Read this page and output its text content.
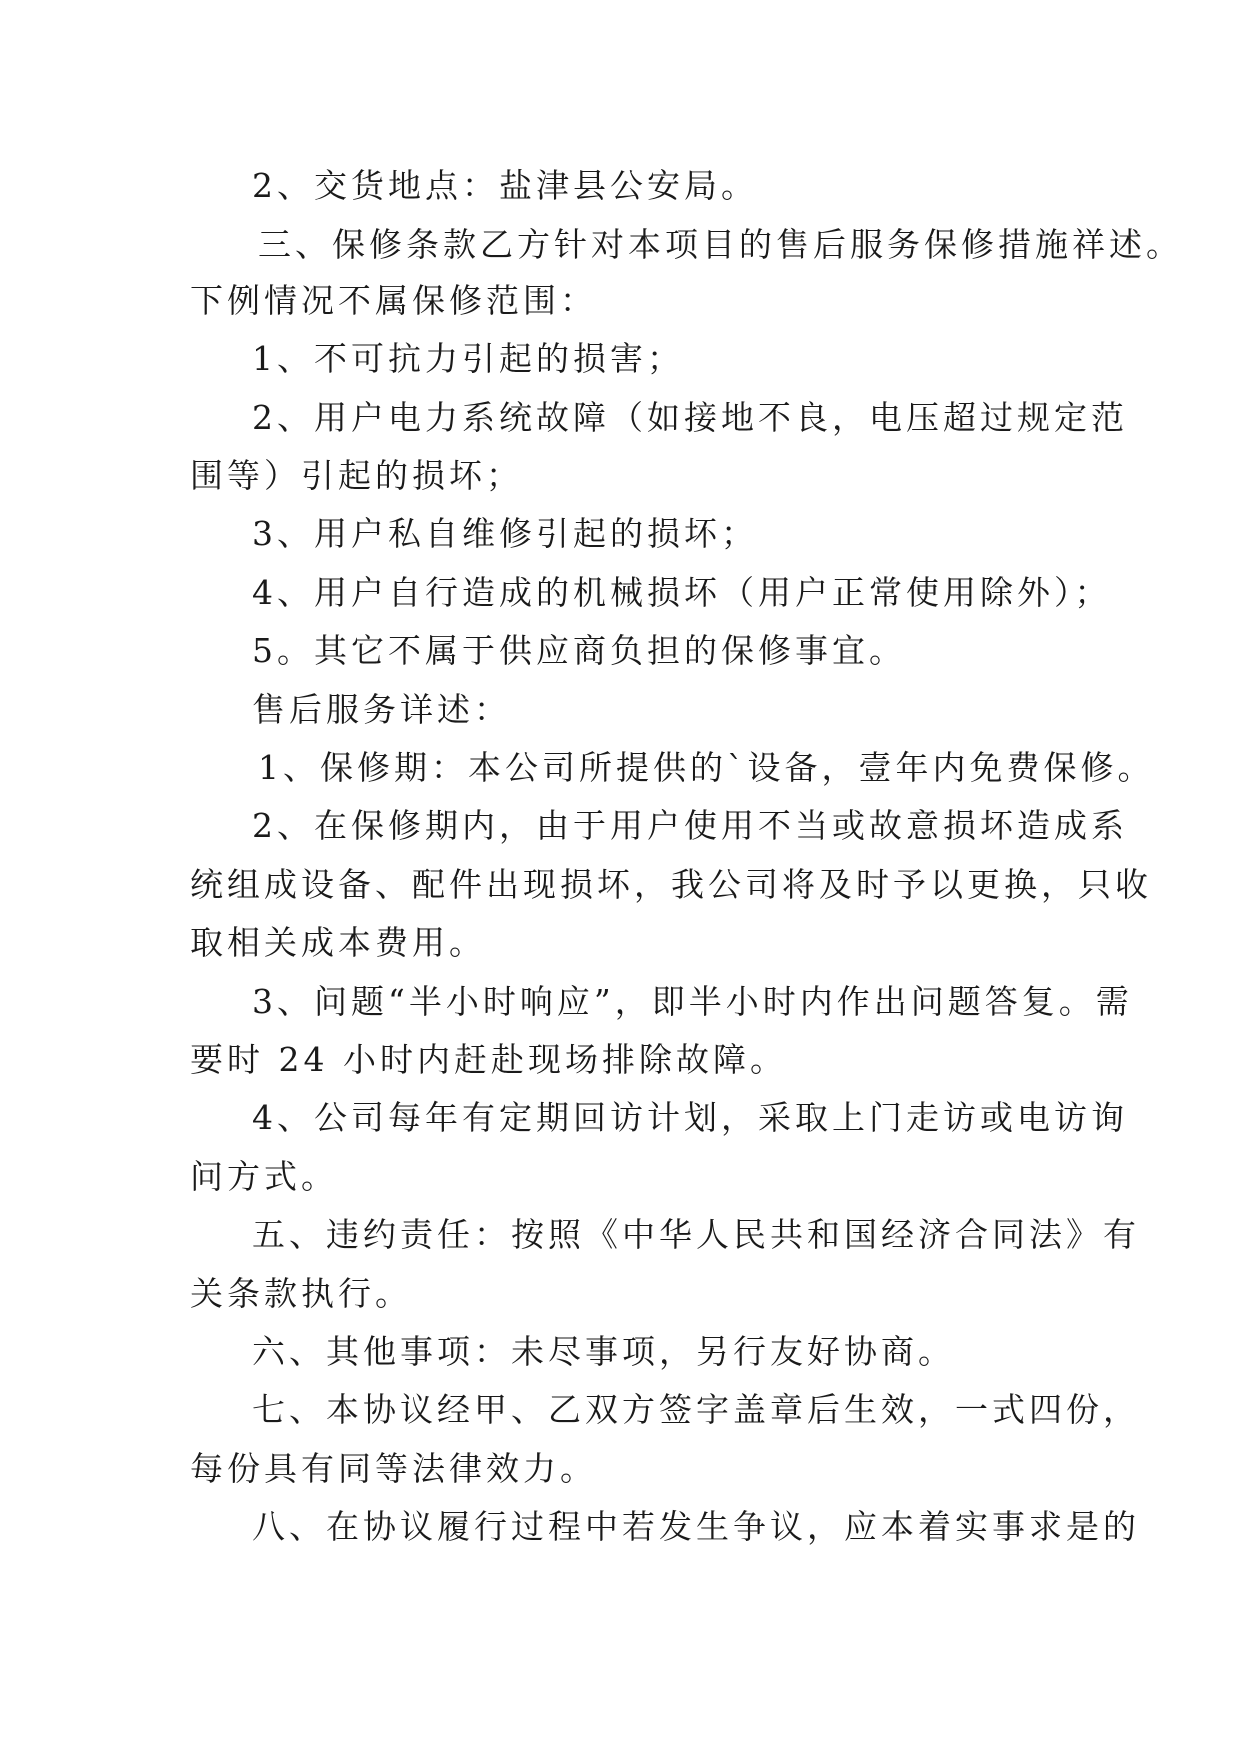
2、交货地点：盐津县公安局。
三、保修条款乙方针对本项目的售后服务保修措施祥述。
下例情况不属保修范围：
1、不可抗力引起的损害；
2、用户电力系统故障（如接地不良，电压超过规定范
围等）引起的损坏；
3、用户私自维修引起的损坏；
4、用户自行造成的机械损坏（用户正常使用除外）；
5。其它不属于供应商负担的保修事宜。
售后服务详述：
1、保修期：本公司所提供的`设备，壹年内免费保修。
2、在保修期内，由于用户使用不当或故意损坏造成系
统组成设备、配件出现损坏，我公司将及时予以更换，只收
取相关成本费用。
3、问题“半小时响应”，即半小时内作出问题答复。需
要时 24 小时内赶赴现场排除故障。
4、公司每年有定期回访计划，采取上门走访或电访询
问方式。
五、违约责任：按照《中华人民共和国经济合同法》有
关条款执行。
六、其他事项：未尽事项，另行友好协商。
七、本协议经甲、乙双方签字盖章后生效，一式四份，
每份具有同等法律效力。
八、在协议履行过程中若发生争议，应本着实事求是的
